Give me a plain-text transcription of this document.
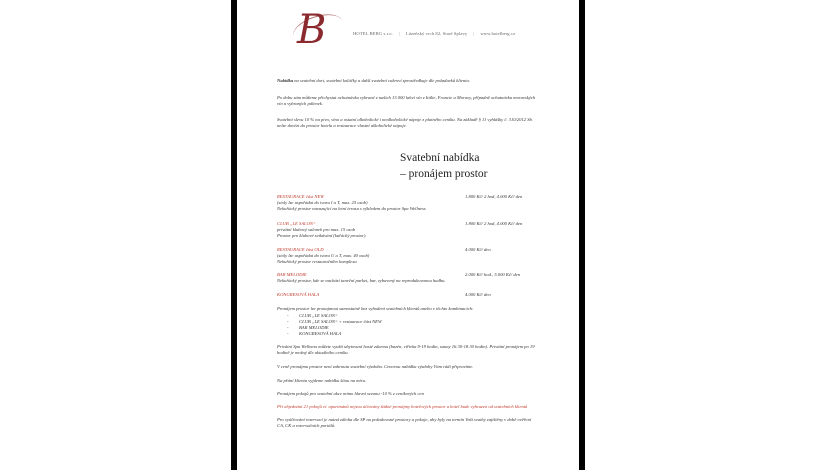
B	HOTEL BERG s.r.o. | Lázeňský vrch 82, Staré Splavy | www.hotelberg.cz

Nabídka na svatební dort, svatební koláčky a další svatební cukroví zprostředkuje dle požadavků klienta.

Po dobu sám můžeme přichystat ochutnávku vybrané z našich 13.000 lahví vín z Itálie, Francie a Moravy, případně ochutnávku moravských vín a vybraných pálenek.

Svatební slevu 10 % na pivo, víno a ostatní alkoholické i nealkoholické nápoje z platného ceníku. Na základě § 11 vyhlášky č. 310/2012 Sb. nelze dovézt do prostor hotelu a restaurace vlastní alkoholické nápoje.

Svatební nabídka
– pronájem prostor
RESTAURACE část NEW	1.800 Kč/ 2 hod, 4.000 Kč/ den
(stoly lze uspořádat do tvaru I a T, max. 25 osob)
Nekuřácký prostor navazující na letní terasu s výhledem do prostor Spa Wellness
CLUB „LE SALON“	1.800 Kč/ 2 hod, 4.000 Kč/ den
privátní klubový salonek pro max. 15 osob
Prostor pro klubové setkávání (kuřácký prostor).
RESTAURACE část OLD	4.000 Kč/ den
(stoly lze uspořádat do tvaru U a T, max. 40 osob)
Nekuřácký prostor restauračního komplexu
BAR MELODIE	2.000 Kč/ hod., 5.000 Kč/ den
Nekuřácký prostor, kde se nachází taneční parket, bar, vybavený na reprodukovanou hudbu.
KONGRESOVÁ HALA	4.000 Kč/ den

Pronájem prostor lze pronajmout samostatně bez vyhodení svatebních klientů anebo v těchto kombinacích:

- CLUB „LE SALON“
- CLUB „LE SALON“ + restaurace část NEW
- BAR MELODIE
- KONGRESOVÁ HALA

Privátní Spa Wellness můžete využít ubytovaní hosté zdarma (bazén, vířivka 9-19 hodin, sauny 16.30-18.30 hodin). Privátní pronájem po 19 hodině je možný dle aktuálního ceníku.

V ceně pronájmu prostor není zahrnuta svatební výzdoba. Cenovou nabídku výzdoby Vám rádi připravíme.

Na přání klienta vyjdeme nabídku šitou na míru.

Pronájem pokojů pro svatební akce mimo hlavní sezonu -10 % z ceníkových cen

Při objednání 21 pokojů ví. apartmánů nejsou účtovány žádné pronájmy hotelových prostor a hotel bude vyhrazen od svatebních klientů

Pro vyúčtování rezervací je nutná záloha dle SP na požadované prostory a pokoje, aby byly na termín Vaší svatby zajištěny v době ověření CA, CK a rezervačních portálů.
